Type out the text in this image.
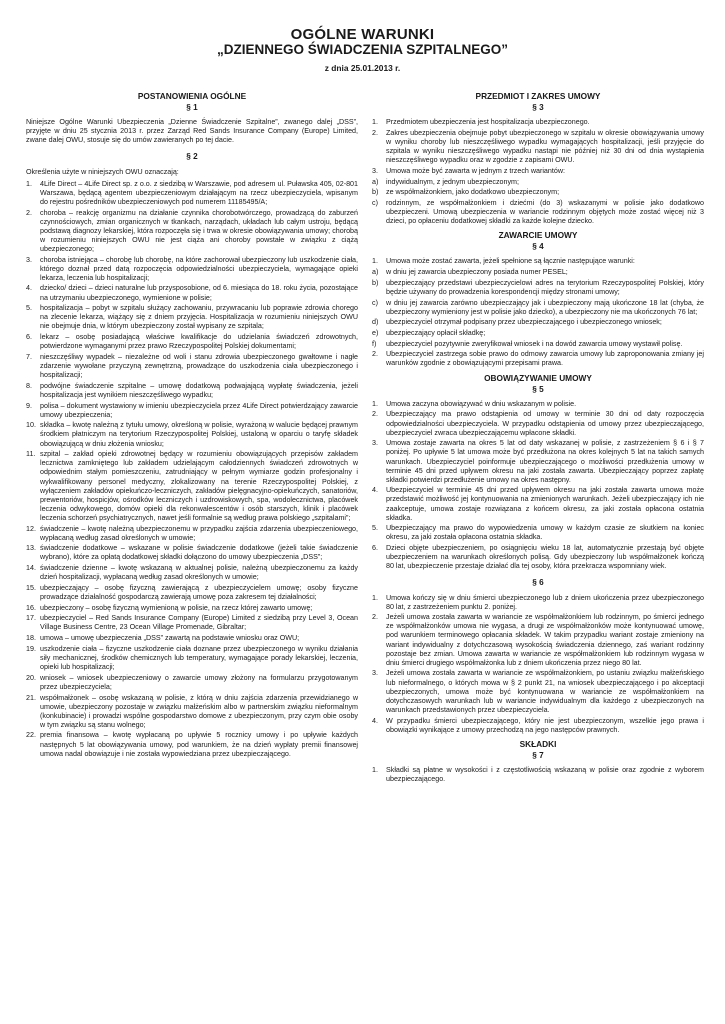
OGÓLNE WARUNKI
„DZIENNEGO ŚWIADCZENIA SZPITALNEGO”
z dnia 25.01.2013 r.
POSTANOWIENIA OGÓLNE
§ 1

Niniejsze Ogólne Warunki Ubezpieczenia „Dzienne Świadczenie Szpitalne”, zwanego dalej „DSS”, przyjęte w dniu 25 stycznia 2013 r. przez Zarząd Red Sands Insurance Company (Europe) Limited, zwane dalej OWU, stosuje się do umów zawieranych po tej dacie.

§ 2

Określenia użyte w niniejszych OWU oznaczają:

1.	4Life Direct – 4Life Direct sp. z o.o. z siedzibą w Warszawie, pod adresem ul. Puławska 405, 02-801 Warszawa, będącą agentem ubezpieczeniowym działającym na rzecz ubezpieczyciela, wpisanym do rejestru pośredników ubezpieczeniowych pod numerem 11185495/A;
2.	choroba – reakcję organizmu na działanie czynnika chorobotwórczego, prowadzącą do zaburzeń czynnościowych, zmian organicznych w tkankach, narządach, układach lub całym ustroju, będącą podstawą diagnozy lekarskiej, która rozpoczęła się i trwa w okresie obowiązywania umowy; chorobą w rozumieniu niniejszych OWU nie jest ciąża ani choroby powstałe w związku z ciążą ubezpieczonego;
3.	choroba istniejąca – chorobę lub chorobę, na które zachorował ubezpieczony lub uszkodzenie ciała, którego doznał przed datą rozpoczęcia odpowiedzialności ubezpieczyciela, wymagające opieki lekarza, leczenia lub hospitalizacji;
4.	dziecko/ dzieci – dzieci naturalne lub przysposobione, od 6. miesiąca do 18. roku życia, pozostające na utrzymaniu ubezpieczonego, wymienione w polisie;
5.	hospitalizacja – pobyt w szpitalu służący zachowaniu, przywracaniu lub poprawie zdrowia chorego na zlecenie lekarza, wiążący się z dniem przyjęcia. Hospitalizacja w rozumieniu niniejszych OWU nie obejmuje dnia, w którym ubezpieczony został wypisany ze szpitala;
6.	lekarz – osobę posiadającą właściwe kwalifikacje do udzielania świadczeń zdrowotnych, potwierdzone wymaganymi przez prawo Rzeczypospolitej Polskiej dokumentami;
7.	nieszczęśliwy wypadek – niezależne od woli i stanu zdrowia ubezpieczonego gwałtowne i nagłe zdarzenie wywołane przyczyną zewnętrzną, prowadzące do uszkodzenia ciała ubezpieczonego i hospitalizacji;
8.	podwójne świadczenie szpitalne – umowę dodatkową podwajającą wypłatę świadczenia, jeżeli hospitalizacja jest wynikiem nieszczęśliwego wypadku;
9.	polisa – dokument wystawiony w imieniu ubezpieczyciela przez 4Life Direct potwierdzający zawarcie umowy ubezpieczenia;
10. składka – kwotę należną z tytułu umowy, określoną w polisie, wyrażoną w walucie będącej prawnym środkiem płatniczym na terytorium Rzeczypospolitej Polskiej, ustaloną w oparciu o taryfę składek obowiązującą w dniu złożenia wniosku;
11. szpital – zakład opieki zdrowotnej będący w rozumieniu obowiązujących przepisów zakładem lecznictwa zamkniętego lub zakładem udzielającym całodziennych świadczeń zdrowotnych w odpowiednim stałym pomieszczeniu, zatrudniający w pełnym wymiarze godzin profesjonalny i wykwalifikowany personel medyczny, zlokalizowany na terenie Rzeczypospolitej Polskiej, z wyłączeniem zakładów opiekuńczo-leczniczych, zakładów pielęgnacyjno-opiekuńczych, sanatoriów, prewentoriów, hospicjów, ośrodków leczniczych i uzdrowiskowych, spa, wodolecznictwa, placówek leczenia odwykowego, domów opieki dla rekonwalescentów i osób starszych, klinik i placówek leczenia schorzeń psychiatrycznych, nawet jeśli formalnie są według prawa polskiego „szpitalami”;
12. świadczenie – kwotę należną ubezpieczonemu w przypadku zajścia zdarzenia ubezpieczeniowego, wypłacaną według zasad określonych w umowie;
13. świadczenie dodatkowe – wskazane w polisie świadczenie dodatkowe (jeżeli takie świadczenie wybrano), które za opłatą dodatkowej składki dołączono do umowy ubezpieczenia „DSS”;
14. świadczenie dzienne – kwotę wskazaną w aktualnej polisie, należną ubezpieczonemu za każdy dzień hospitalizacji, wypłacaną według zasad określonych w umowie;
15. ubezpieczający – osobę fizyczną zawierającą z ubezpieczycielem umowę; osoby fizyczne prowadzące działalność gospodarczą zawierają umowę poza zakresem tej działalności;
16. ubezpieczony – osobę fizyczną wymienioną w polisie, na rzecz której zawarto umowę;
17. ubezpieczyciel – Red Sands Insurance Company (Europe) Limited z siedzibą przy Level 3, Ocean Village Business Centre, 23 Ocean Village Promenade, Gibraltar;
18. umowa – umowę ubezpieczenia „DSS” zawartą na podstawie wniosku oraz OWU;
19. uszkodzenie ciała – fizyczne uszkodzenie ciała doznane przez ubezpieczonego w wyniku działania siły mechanicznej, środków chemicznych lub temperatury, wymagające porady lekarskiej, leczenia, opieki lub hospitalizacji;
20. wniosek – wniosek ubezpieczeniowy o zawarcie umowy złożony na formularzu przygotowanym przez ubezpieczyciela;
21. współmałżonek – osobę wskazaną w polisie, z którą w dniu zajścia zdarzenia przewidzianego w umowie, ubezpieczony pozostaje w związku małżeńskim albo w partnerskim związku nieformalnym (konkubinacie) i prowadzi wspólne gospodarstwo domowe z ubezpieczonym, przy czym obie osoby w tym związku są stanu wolnego;
22. premia finansowa – kwotę wypłacaną po upływie 5 rocznicy umowy i po upływie każdych następnych 5 lat obowiązywania umowy, pod warunkiem, że na dzień wypłaty premii finansowej umowa nadal obowiązuje i nie została wypowiedziana przez ubezpieczającego.
PRZEDMIOT I ZAKRES UMOWY
§ 3
1.	Przedmiotem ubezpieczenia jest hospitalizacja ubezpieczonego.
2.	Zakres ubezpieczenia obejmuje pobyt ubezpieczonego w szpitalu w okresie obowiązywania umowy w wyniku choroby lub nieszczęśliwego wypadku wymagających hospitalizacji, jeśli przyjęcie do szpitala w wyniku nieszczęśliwego wypadku nastąpi nie później niż 30 dni od dnia wystąpienia nieszczęśliwego wypadku oraz w zgodzie z zapisami OWU.
3.	Umowa może być zawarta w jednym z trzech wariantów:
a)	indywidualnym, z jednym ubezpieczonym;
b)	ze współmałżonkiem, jako dodatkowo ubezpieczonym;
c)	rodzinnym, ze współmałżonkiem i dziećmi (do 3) wskazanymi w polisie jako dodatkowo ubezpieczeni. Umową ubezpieczenia w wariancie rodzinnym objętych może zostać więcej niż 3 dzieci, po opłaceniu dodatkowej składki za każde kolejne dziecko.
ZAWARCIE UMOWY
§ 4
1.	Umowa może zostać zawarta, jeżeli spełnione są łącznie następujące warunki:
a)	w dniu jej zawarcia ubezpieczony posiada numer PESEL;
b)	ubezpieczający przedstawi ubezpieczycielowi adres na terytorium Rzeczypospolitej Polskiej, który będzie używany do prowadzenia korespondencji między stronami umowy;
c)	w dniu jej zawarcia zarówno ubezpieczający jak i ubezpieczony mają ukończone 18 lat (chyba, że ubezpieczony wymieniony jest w polisie jako dziecko), a ubezpieczony nie ma ukończonych 76 lat;
d)	ubezpieczyciel otrzymał podpisany przez ubezpieczającego i ubezpieczonego wniosek;
e)	ubezpieczający opłacił składkę;
f)	ubezpieczyciel pozytywnie zweryfikował wniosek i na dowód zawarcia umowy wystawił polisę.
2.	Ubezpieczyciel zastrzega sobie prawo do odmowy zawarcia umowy lub zaproponowania zmiany jej warunków zgodnie z obowiązującymi przepisami prawa.
OBOWIĄZYWANIE UMOWY
§ 5
1.	Umowa zaczyna obowiązywać w dniu wskazanym w polisie.
2.	Ubezpieczający ma prawo odstąpienia od umowy w terminie 30 dni od daty rozpoczęcia odpowiedzialności ubezpieczyciela. W przypadku odstąpienia od umowy przez ubezpieczającego, ubezpieczyciel zwraca ubezpieczającemu wpłacone składki.
3.	Umowa zostaje zawarta na okres 5 lat od daty wskazanej w polisie, z zastrzeżeniem § 6 i § 7 poniżej. Po upływie 5 lat umowa może być przedłużona na okres kolejnych 5 lat na takich samych warunkach. Ubezpieczyciel poinformuje ubezpieczającego o możliwości przedłużenia umowy w terminie 45 dni przed upływem okresu na jaki została zawarta. Ubezpieczający poprzez zapłatę składki potwierdzi przedłużenie umowy na okres następny.
4.	Ubezpieczyciel w terminie 45 dni przed upływem okresu na jaki została zawarta umowa może przedstawić możliwość jej kontynuowania na zmienionych warunkach. Jeżeli ubezpieczający ich nie zaakceptuje, umowa zostaje rozwiązana z końcem okresu, za jaki została opłacona ostatnia składka.
5.	Ubezpieczający ma prawo do wypowiedzenia umowy w każdym czasie ze skutkiem na koniec okresu, za jaki została opłacona ostatnia składka.
6.	Dzieci objęte ubezpieczeniem, po osiągnięciu wieku 18 lat, automatycznie przestają być objęte ubezpieczeniem na warunkach określonych polisą. Gdy ubezpieczony lub współmałżonek kończą 80 lat, ubezpieczenie przestaje działać dla tej osoby, która przekracza wspomniany wiek.
§ 6
1.	Umowa kończy się w dniu śmierci ubezpieczonego lub z dniem ukończenia przez ubezpieczonego 80 lat, z zastrzeżeniem punktu 2. poniżej.
2.	Jeżeli umowa została zawarta w wariancie ze współmałżonkiem lub rodzinnym, po śmierci jednego ze współmałżonków umowa nie wygasa, a drugi ze współmałżonków może kontynuować umowę, pod warunkiem terminowego opłacania składek. W takim przypadku wariant zostaje zmieniony na wariant indywidualny z dotychczasową wysokością świadczenia dziennego, zaś wariant rodzinny pozostaje bez zmian. Umowa zawarta w wariancie ze współmałżonkiem lub rodzinnym wygasa w dniu śmierci drugiego współmałżonka lub z dniem ukończenia przez niego 80 lat.
3.	Jeżeli umowa została zawarta w wariancie ze współmałżonkiem, po ustaniu związku małżeńskiego lub nieformalnego, o których mowa w § 2 punkt 21, na wniosek ubezpieczającego i po akceptacji ubezpieczonych, umowa może być kontynuowana w wariancie ze współmałżonkiem na dotychczasowych warunkach lub w wariancie indywidualnym dla każdego z ubezpieczonych na warunkach przedstawionych przez ubezpieczyciela.
4.	W przypadku śmierci ubezpieczającego, który nie jest ubezpieczonym, wszelkie jego prawa i obowiązki wynikające z umowy przechodzą na jego następców prawnych.
SKŁADKI
§ 7
1.	Składki są płatne w wysokości i z częstotliwością wskazaną w polisie oraz zgodnie z wyborem ubezpieczającego.
